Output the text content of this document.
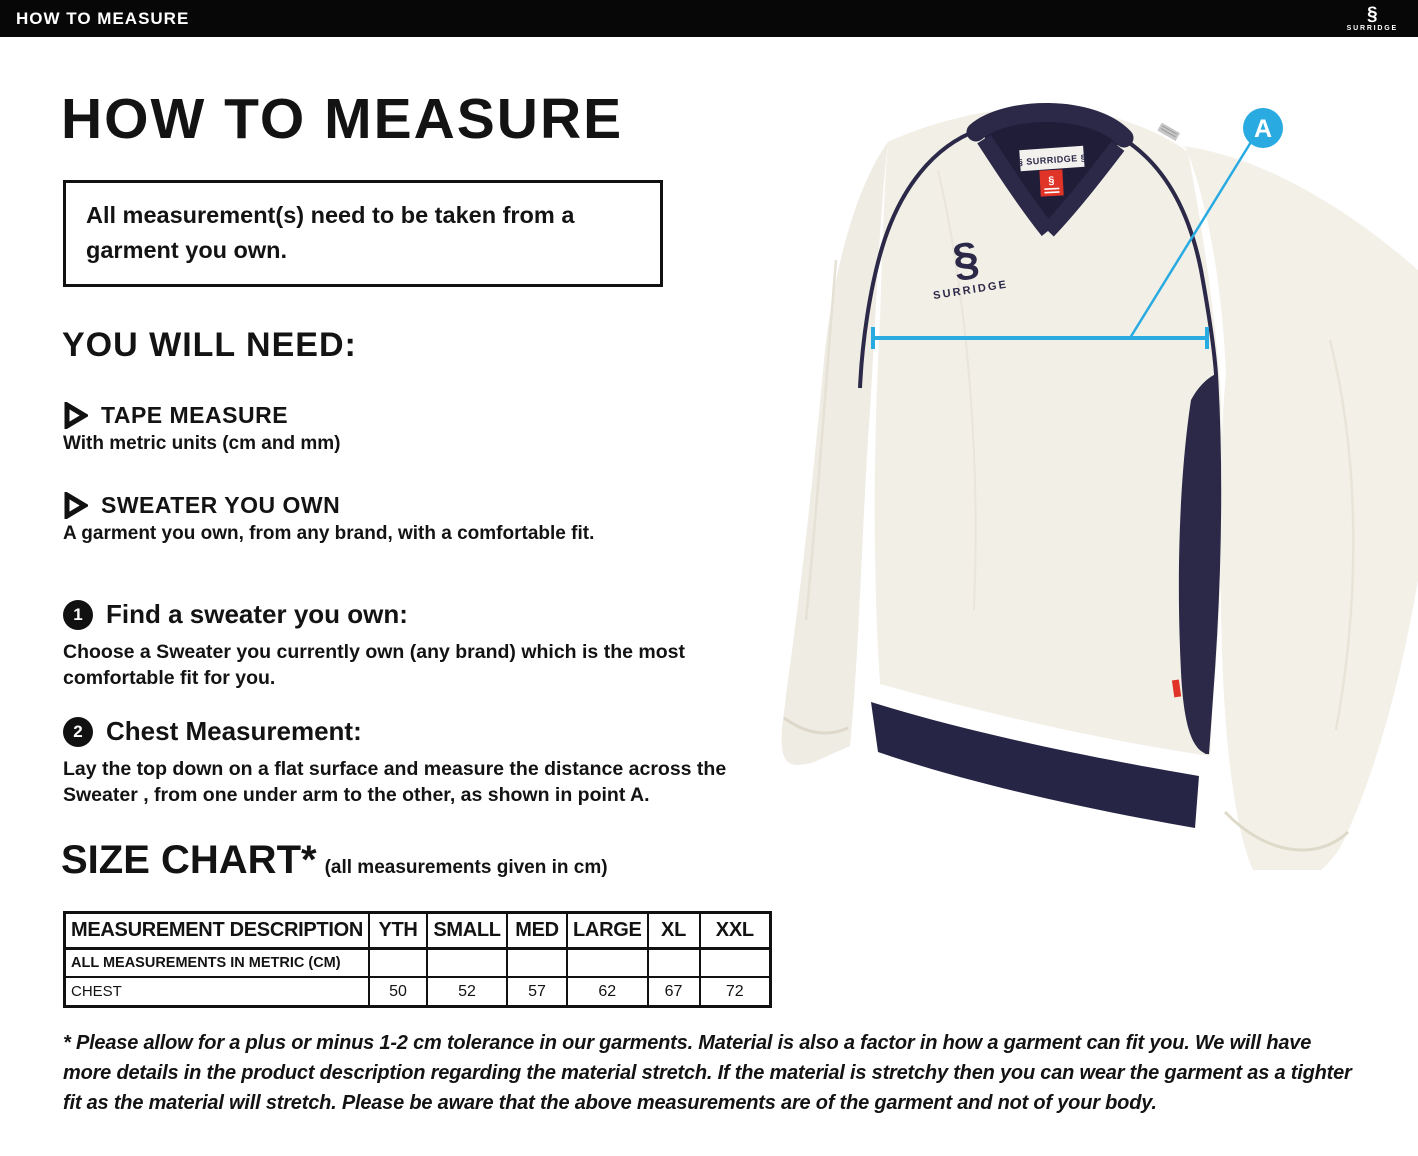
HOW TO MEASURE	§
SURRIDGE
HOW TO MEASURE
All measurement(s) need to be taken from a garment you own.
YOU WILL NEED:
TAPE MEASURE
With metric units (cm and mm)
SWEATER YOU OWN
A garment you own, from any brand, with a comfortable fit.
1 Find a sweater you own:
Choose a Sweater you currently own (any brand) which is the most comfortable fit for you.
2 Chest Measurement:
Lay the top down on a flat surface and measure the distance across the Sweater , from one under arm to the other, as shown in point A.
SIZE CHART* (all measurements given in cm)
MEASUREMENT DESCRIPTION	YTH	SMALL	MED	LARGE	XL	XXL
ALL MEASUREMENTS IN METRIC (CM)						
CHEST	50	52	57	62	67	72
* Please allow for a plus or minus 1-2 cm tolerance in our garments. Material is also a factor in how a garment can fit you. We will have more details in the product description regarding the material stretch. If the material is stretchy then you can wear the garment as a tighter fit as the material will stretch. Please be aware that the above measurements are of the garment and not of your body.
§ SURRIDGE §
§
§
SURRIDGE
A
